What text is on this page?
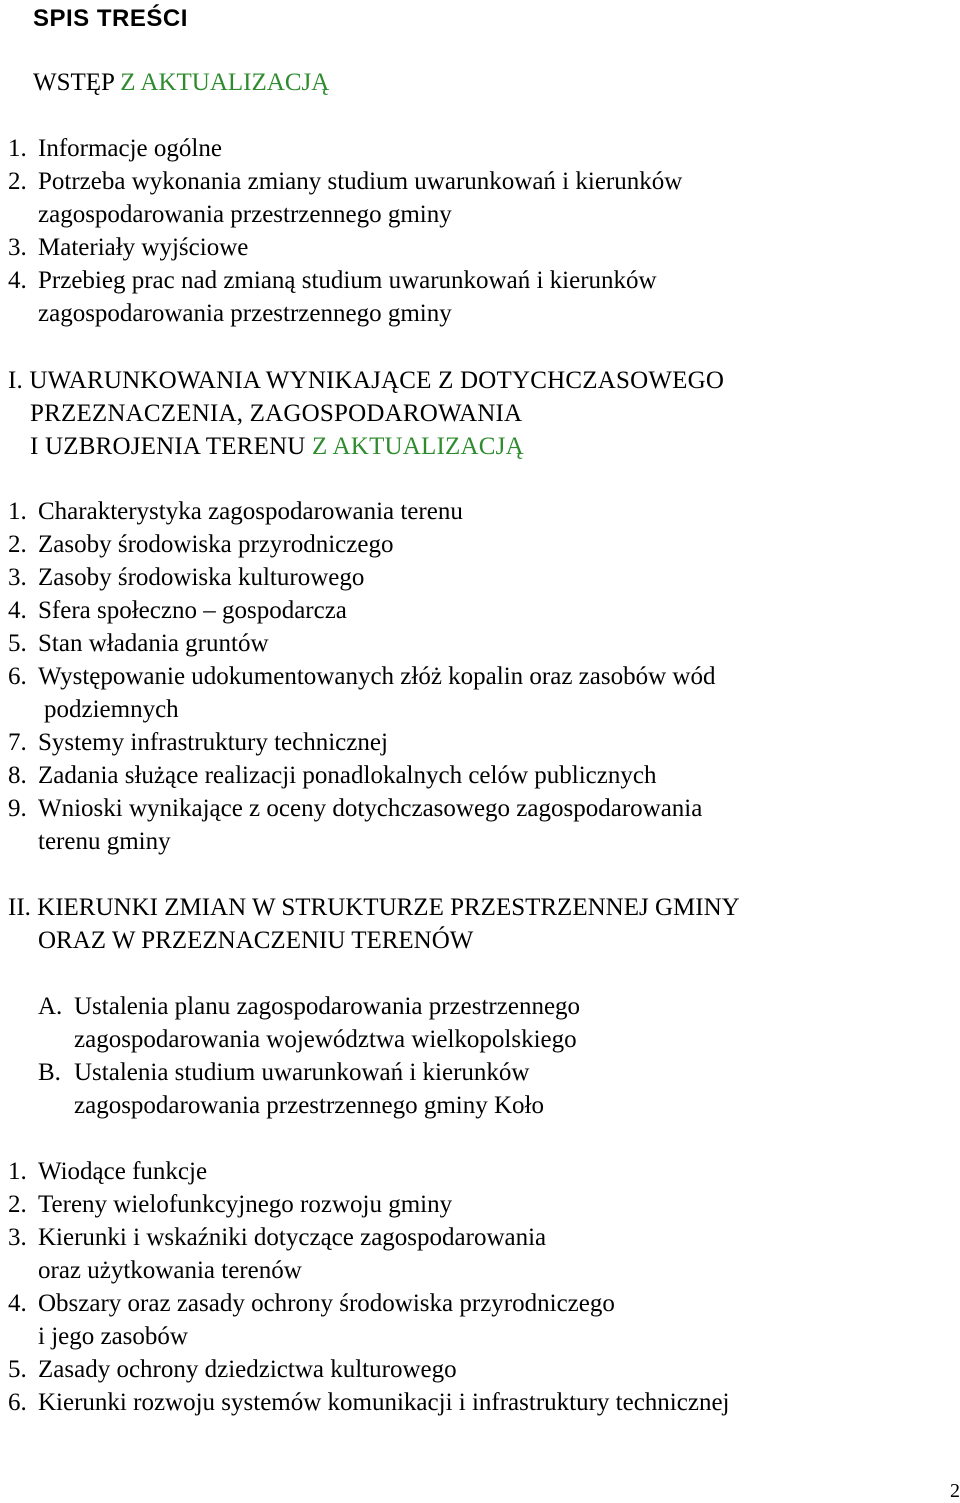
SPIS TREŚCI
WSTĘP Z AKTUALIZACJĄ
1. Informacje ogólne
2. Potrzeba wykonania zmiany studium uwarunkowań i kierunków
zagospodarowania przestrzennego gminy
3. Materiały wyjściowe
4. Przebieg prac nad zmianą studium uwarunkowań i kierunków
zagospodarowania przestrzennego gminy
I. UWARUNKOWANIA WYNIKAJĄCE Z DOTYCHCZASOWEGO
PRZEZNACZENIA, ZAGOSPODAROWANIA
I UZBROJENIA TERENU Z AKTUALIZACJĄ
1. Charakterystyka zagospodarowania terenu
2. Zasoby środowiska przyrodniczego
3. Zasoby środowiska kulturowego
4. Sfera społeczno – gospodarcza
5. Stan władania gruntów
6. Występowanie udokumentowanych złóż kopalin oraz zasobów wód
podziemnych
7. Systemy infrastruktury technicznej
8. Zadania służące realizacji ponadlokalnych celów publicznych
9. Wnioski wynikające z oceny dotychczasowego zagospodarowania
terenu gminy
II. KIERUNKI ZMIAN W STRUKTURZE PRZESTRZENNEJ GMINY
ORAZ W PRZEZNACZENIU TERENÓW
A. Ustalenia planu zagospodarowania przestrzennego
zagospodarowania województwa wielkopolskiego
B. Ustalenia studium uwarunkowań i kierunków
zagospodarowania przestrzennego gminy Koło
1. Wiodące funkcje
2. Tereny wielofunkcyjnego rozwoju gminy
3. Kierunki i wskaźniki dotyczące zagospodarowania
oraz użytkowania terenów
4. Obszary oraz zasady ochrony środowiska przyrodniczego
i jego zasobów
5. Zasady ochrony dziedzictwa kulturowego
6. Kierunki rozwoju systemów komunikacji i infrastruktury technicznej
2
